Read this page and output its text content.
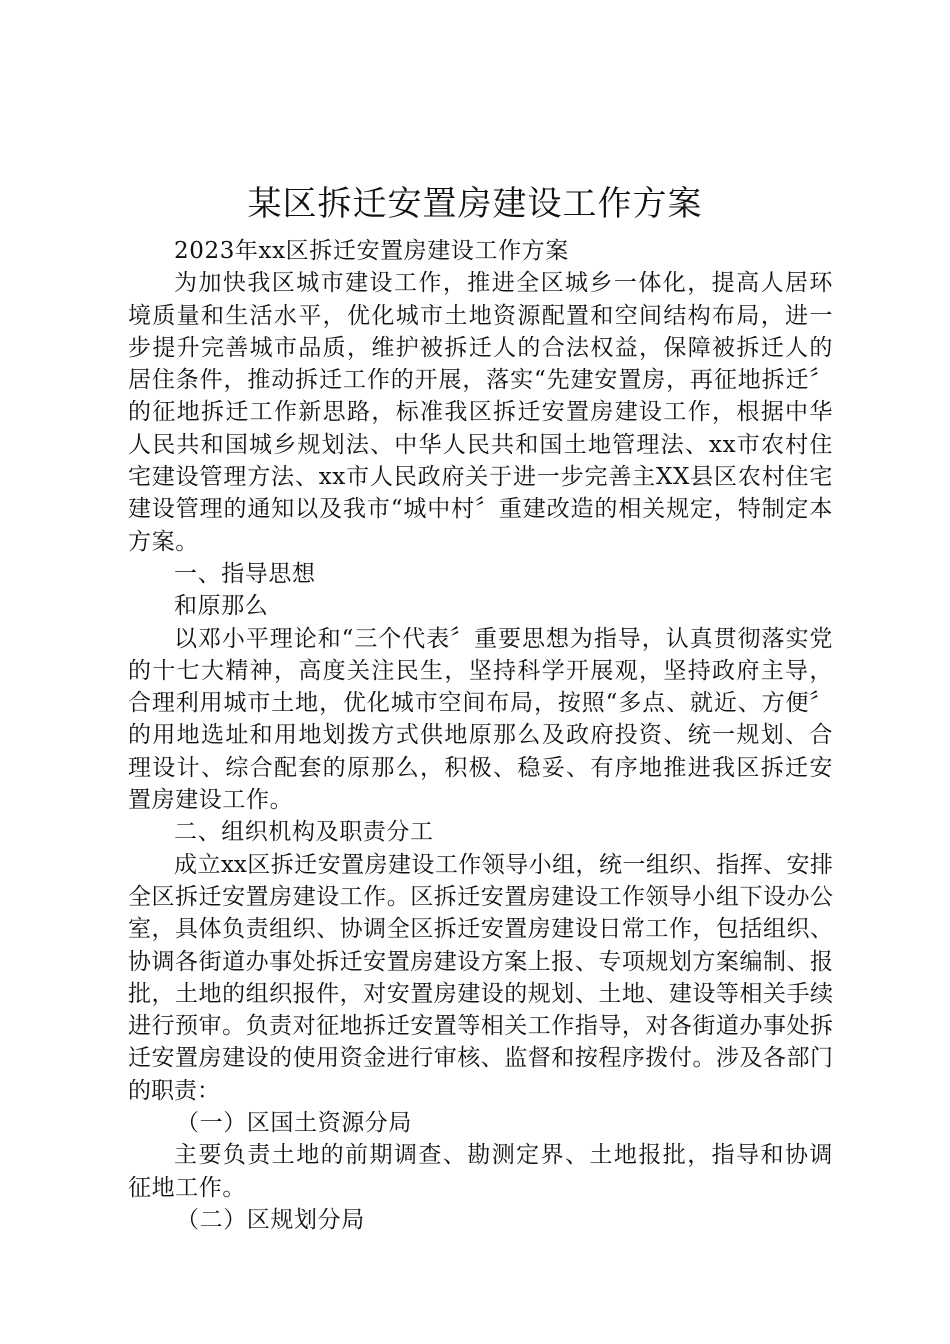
某区拆迁安置房建设工作方案

2023年xx区拆迁安置房建设工作方案

为加快我区城市建设工作，推进全区城乡一体化，提高人居环境质量和生活水平，优化城市土地资源配置和空间结构布局，进一步提升完善城市品质，维护被拆迁人的合法权益，保障被拆迁人的居住条件，推动拆迁工作的开展，落实“先建安置房，再征地拆迁〞的征地拆迁工作新思路，标准我区拆迁安置房建设工作，根据中华人民共和国城乡规划法、中华人民共和国土地管理法、xx市农村住宅建设管理方法、xx市人民政府关于进一步完善主XX县区农村住宅建设管理的通知以及我市“城中村〞重建改造的相关规定，特制定本方案。

一、指导思想

和原那么

以邓小平理论和“三个代表〞重要思想为指导，认真贯彻落实党的十七大精神，高度关注民生，坚持科学开展观，坚持政府主导，合理利用城市土地，优化城市空间布局，按照“多点、就近、方便〞的用地选址和用地划拨方式供地原那么及政府投资、统一规划、合理设计、综合配套的原那么，积极、稳妥、有序地推进我区拆迁安置房建设工作。

二、组织机构及职责分工

成立xx区拆迁安置房建设工作领导小组，统一组织、指挥、安排全区拆迁安置房建设工作。区拆迁安置房建设工作领导小组下设办公室，具体负责组织、协调全区拆迁安置房建设日常工作，包括组织、协调各街道办事处拆迁安置房建设方案上报、专项规划方案编制、报批，土地的组织报件，对安置房建设的规划、土地、建设等相关手续进行预审。负责对征地拆迁安置等相关工作指导，对各街道办事处拆迁安置房建设的使用资金进行审核、监督和按程序拨付。涉及各部门的职责：

（一）区国土资源分局

主要负责土地的前期调查、勘测定界、土地报批，指导和协调征地工作。

（二）区规划分局
